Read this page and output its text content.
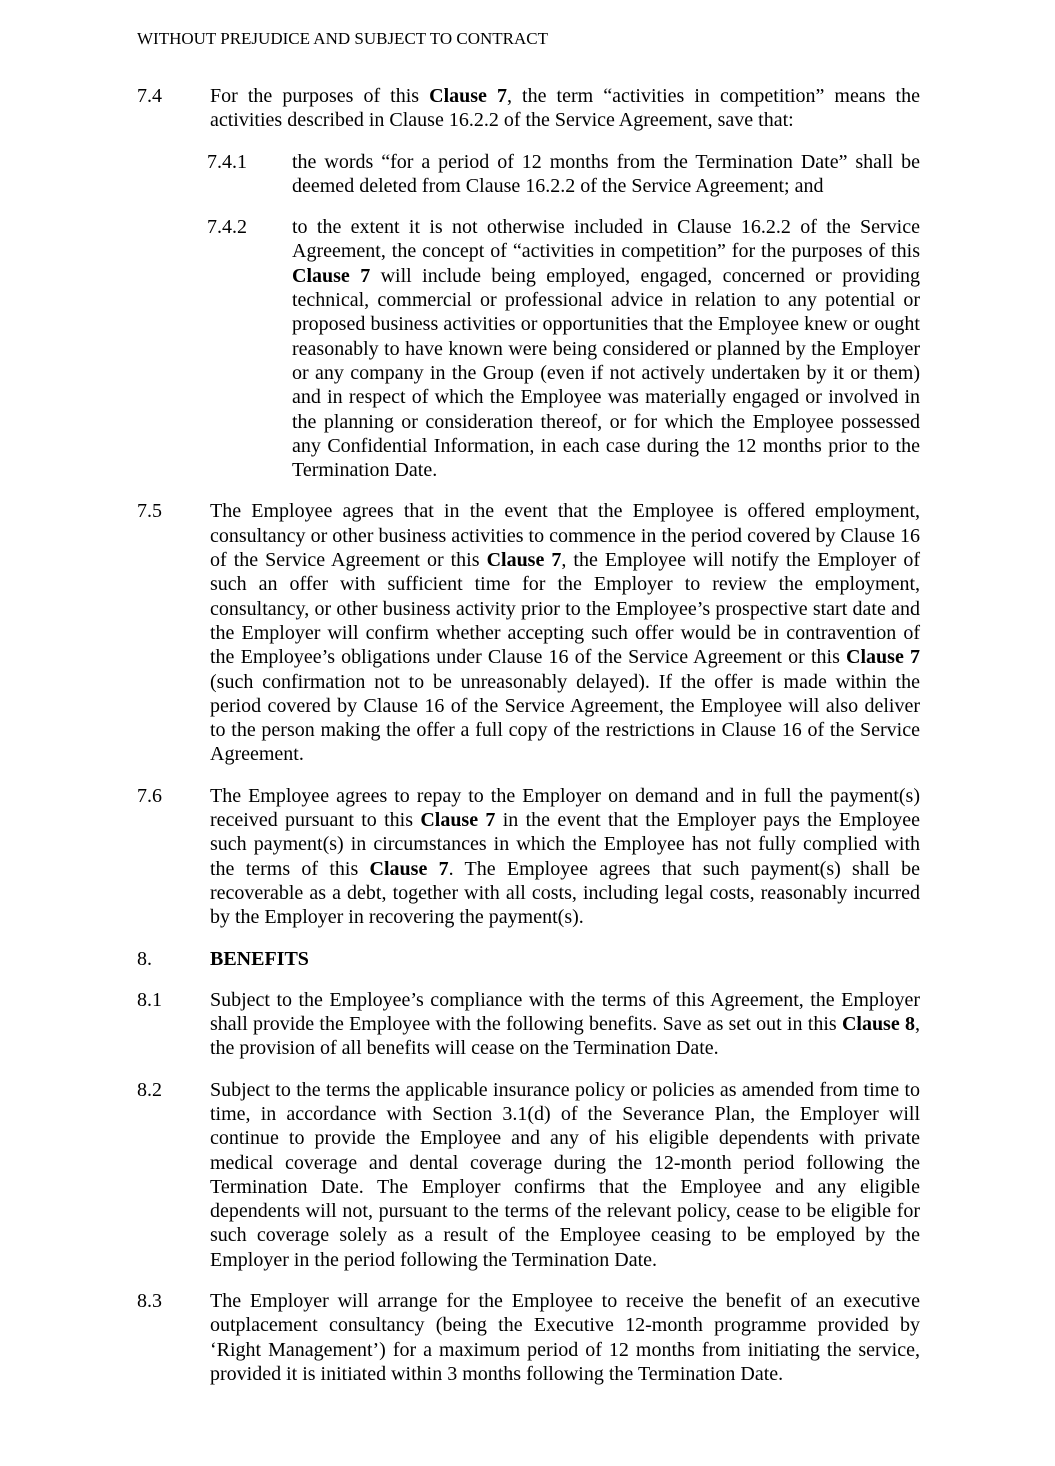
WITHOUT PREJUDICE AND SUBJECT TO CONTRACT
7.4	For the purposes of this Clause 7, the term “activities in competition” means the activities described in Clause 16.2.2 of the Service Agreement, save that:
7.4.1	the words “for a period of 12 months from the Termination Date” shall be deemed deleted from Clause 16.2.2 of the Service Agreement; and
7.4.2	to the extent it is not otherwise included in Clause 16.2.2 of the Service Agreement, the concept of “activities in competition” for the purposes of this Clause 7 will include being employed, engaged, concerned or providing technical, commercial or professional advice in relation to any potential or proposed business activities or opportunities that the Employee knew or ought reasonably to have known were being considered or planned by the Employer or any company in the Group (even if not actively undertaken by it or them) and in respect of which the Employee was materially engaged or involved in the planning or consideration thereof, or for which the Employee possessed any Confidential Information, in each case during the 12 months prior to the Termination Date.
7.5	The Employee agrees that in the event that the Employee is offered employment, consultancy or other business activities to commence in the period covered by Clause 16 of the Service Agreement or this Clause 7, the Employee will notify the Employer of such an offer with sufficient time for the Employer to review the employment, consultancy, or other business activity prior to the Employee’s prospective start date and the Employer will confirm whether accepting such offer would be in contravention of the Employee’s obligations under Clause 16 of the Service Agreement or this Clause 7 (such confirmation not to be unreasonably delayed). If the offer is made within the period covered by Clause 16 of the Service Agreement, the Employee will also deliver to the person making the offer a full copy of the restrictions in Clause 16 of the Service Agreement.
7.6	The Employee agrees to repay to the Employer on demand and in full the payment(s) received pursuant to this Clause 7 in the event that the Employer pays the Employee such payment(s) in circumstances in which the Employee has not fully complied with the terms of this Clause 7. The Employee agrees that such payment(s) shall be recoverable as a debt, together with all costs, including legal costs, reasonably incurred by the Employer in recovering the payment(s).
8.	BENEFITS
8.1	Subject to the Employee’s compliance with the terms of this Agreement, the Employer shall provide the Employee with the following benefits. Save as set out in this Clause 8, the provision of all benefits will cease on the Termination Date.
8.2	Subject to the terms the applicable insurance policy or policies as amended from time to time, in accordance with Section 3.1(d) of the Severance Plan, the Employer will continue to provide the Employee and any of his eligible dependents with private medical coverage and dental coverage during the 12-month period following the Termination Date. The Employer confirms that the Employee and any eligible dependents will not, pursuant to the terms of the relevant policy, cease to be eligible for such coverage solely as a result of the Employee ceasing to be employed by the Employer in the period following the Termination Date.
8.3	The Employer will arrange for the Employee to receive the benefit of an executive outplacement consultancy (being the Executive 12-month programme provided by ‘Right Management’) for a maximum period of 12 months from initiating the service, provided it is initiated within 3 months following the Termination Date.
